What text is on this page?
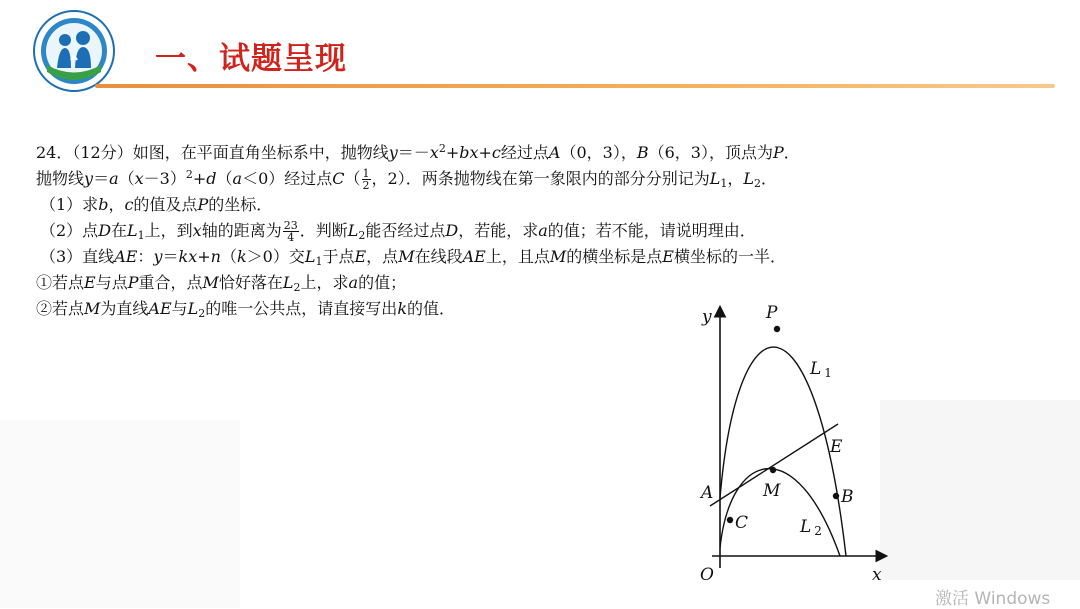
一、试题呈现
24．（12分）如图，在平面直角坐标系中，抛物线$y=-x^2+bx+c$经过点A（0，3），B（6，3），顶点为P．
抛物线$y=a(x-3)^2+d(a<0)$经过点$C( \frac{1}{2}$ ，2）．两条抛物线在第一象限内的部分分别记为$L_1$，$L_2$．
（1）求b，c的值及点P的坐标．
（2）点D在$L_1$上，到x轴的距离为 $\frac{23}{4}$ ．判断$L_2$能否经过点D，若能，求a的值；若不能，请说明理由．
（3）直线AE：y＝kx+n（k＞0）交$L_1$于点E，点M在线段AE上，且点M的横坐标是点E横坐标的一半．
①若点E与点P重合，点M恰好落在$L_2$上，求a的值；
②若点M为直线AE与$L_2$的唯一公共点，请直接写出k的值．	y
x
O
P
L 1
E
A	M	B
C	L 2
激活 Windows
